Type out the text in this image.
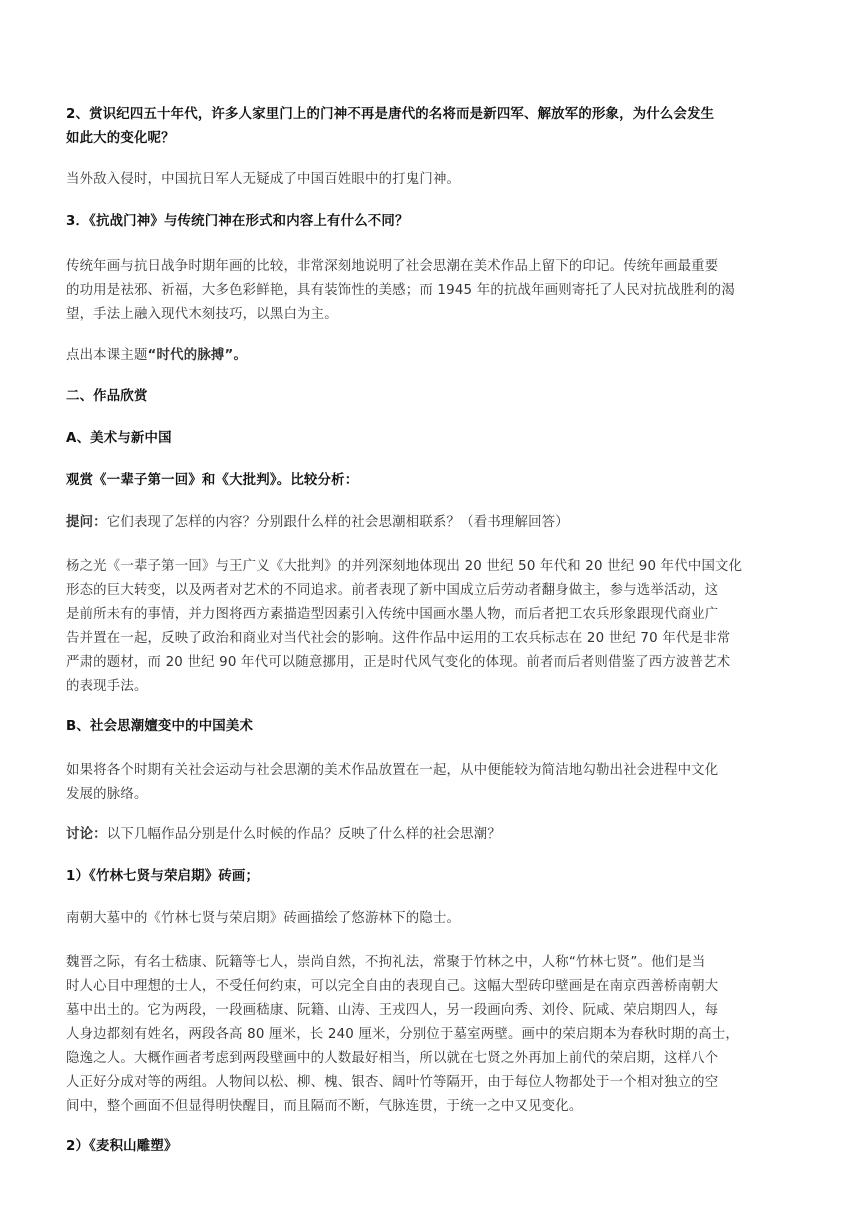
2、赏识纪四五十年代，许多人家里门上的门神不再是唐代的名将而是新四军、解放军的形象，为什么会发生

如此大的变化呢？

当外敌入侵时，中国抗日军人无疑成了中国百姓眼中的打鬼门神。

3．《抗战门神》与传统门神在形式和内容上有什么不同？

传统年画与抗日战争时期年画的比较，非常深刻地说明了社会思潮在美术作品上留下的印记。传统年画最重要

的功用是祛邪、祈福，大多色彩鲜艳，具有装饰性的美感；而 1945 年的抗战年画则寄托了人民对抗战胜利的渴

望，手法上融入现代木刻技巧，以黑白为主。

点出本课主题“时代的脉搏”。

二、作品欣赏

A、美术与新中国

观赏《一辈子第一回》和《大批判》。比较分析：

提问：它们表现了怎样的内容？分别跟什么样的社会思潮相联系？（看书理解回答）

杨之光《一辈子第一回》与王广义《大批判》的并列深刻地体现出 20 世纪 50 年代和 20 世纪 90 年代中国文化

形态的巨大转变，以及两者对艺术的不同追求。前者表现了新中国成立后劳动者翻身做主，参与选举活动，这

是前所未有的事情，并力图将西方素描造型因素引入传统中国画水墨人物，而后者把工农兵形象跟现代商业广

告并置在一起，反映了政治和商业对当代社会的影响。这件作品中运用的工农兵标志在 20 世纪 70 年代是非常

严肃的题材，而 20 世纪 90 年代可以随意挪用，正是时代风气变化的体现。前者而后者则借鉴了西方波普艺术

的表现手法。

B、社会思潮嬗变中的中国美术

如果将各个时期有关社会运动与社会思潮的美术作品放置在一起，从中便能较为简洁地勾勒出社会进程中文化

发展的脉络。

讨论：以下几幅作品分别是什么时候的作品？反映了什么样的社会思潮？

1）《竹林七贤与荣启期》砖画；

南朝大墓中的《竹林七贤与荣启期》砖画描绘了悠游林下的隐士。

魏晋之际，有名士嵇康、阮籍等七人，崇尚自然，不拘礼法，常聚于竹林之中，人称“竹林七贤”。他们是当

时人心目中理想的士人，不受任何约束，可以完全自由的表现自己。这幅大型砖印壁画是在南京西善桥南朝大

墓中出土的。它为两段，一段画嵇康、阮籍、山涛、王戎四人，另一段画向秀、刘伶、阮咸、荣启期四人，每

人身边都刻有姓名，两段各高 80 厘米，长 240 厘米，分别位于墓室两壁。画中的荣启期本为春秋时期的高士，

隐逸之人。大概作画者考虑到两段壁画中的人数最好相当，所以就在七贤之外再加上前代的荣启期，这样八个

人正好分成对等的两组。人物间以松、柳、槐、银杏、阔叶竹等隔开，由于每位人物都处于一个相对独立的空

间中，整个画面不但显得明快醒目，而且隔而不断，气脉连贯，于统一之中又见变化。

2）《麦积山雕塑》
